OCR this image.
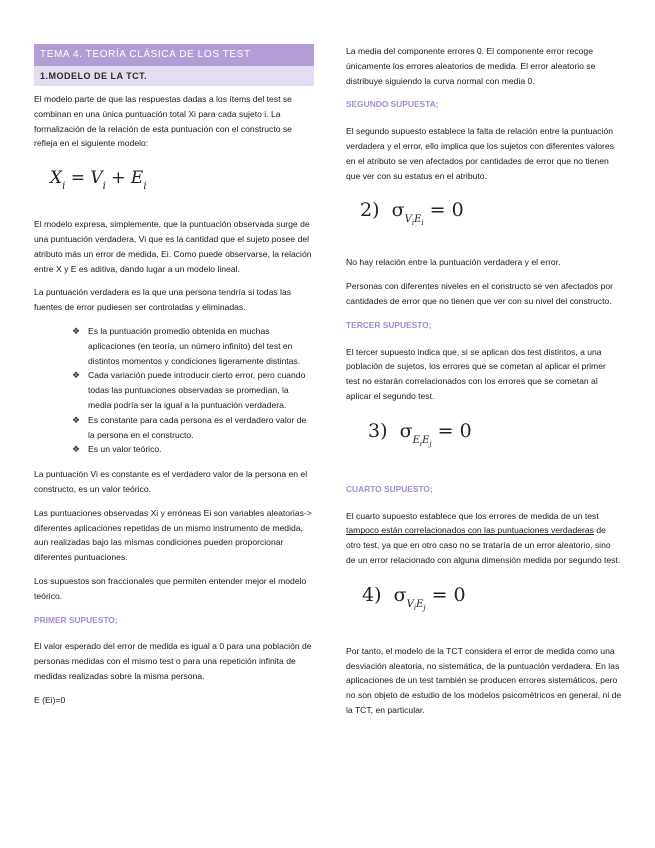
TEMA 4. TEORÍA CLÁSICA DE LOS TEST
1.MODELO DE LA TCT.

El modelo parte de que las respuestas dadas a los ítems del test se combinan en una única puntuación total Xi para cada sujeto i. La formalización de la relación de esta puntuación con el constructo se refleja en el siguiente modelo:

$X_i = V_i + E_i$

El modelo expresa, simplemente, que la puntuación observada surge de una puntuación verdadera, Vi que es la cantidad que el sujeto posee del atributo más un error de medida, Ei. Como puede observarse, la relación entre X y E es aditiva, dando lugar a un modelo lineal.

La puntuación verdadera es la que una persona tendría si todas las fuentes de error pudiesen ser controladas y eliminadas.

❖ Es la puntuación promedio obtenida en muchas aplicaciones (en teoría, un número infinito) del test en distintos momentos y condiciones ligeramente distintas.
❖ Cada variación puede introducir cierto error, pero cuando todas las puntuaciones observadas se promedian, la media podría ser la igual a la puntuación verdadera.
❖ Es constante para cada persona es el verdadero valor de la persona en el constructo.
❖ Es un valor teórico.

La puntuación Vi es constante es el verdadero valor de la persona en el constructo, es un valor teórico.

Las puntuaciones observadas Xi y erróneas Ei son variables aleatorias-> diferentes aplicaciones repetidas de un mismo instrumento de medida, aun realizadas bajo las mismas condiciones pueden proporcionar diferentes puntuaciones.

Los supuestos son fraccionales que permiten entender mejor el modelo teórico.

PRIMER SUPUESTO;

El valor esperado del error de medida es igual a 0 para una población de personas medidas con el mismo test o para una repetición infinita de medidas realizadas sobre la misma persona.

E (Ei)=0

La media del componente errores 0. El componente error recoge únicamente los errores aleatorios de medida. El error aleatorio se distribuye siguiendo la curva normal con media 0.

SEGUNDO SUPUESTA;

El segundo supuesto establece la falta de relación entre la puntuación verdadera y el error, ello implica que los sujetos con diferentes valores en el atributo se ven afectados por cantidades de error que no tienen que ver con su estatus en el atributo.

2) $\sigma_{V_iE_i} = 0$

No hay relación entre la puntuación verdadera y el error.

Personas con diferentes niveles en el constructo se ven afectados por cantidades de error que no tienen que ver con su nivel del constructo.

TERCER SUPUESTO;

El tercer supuesto indica que, si se aplican dos test distintos, a una población de sujetos, los errores que se cometan al aplicar el primer test no estarán correlacionados con los errores que se cometan al aplicar el segundo test.

3) $\sigma_{E_iE_j} = 0$
CUARTO SUPUESTO;

El cuarto supuesto establece que los errores de medida de un test tampoco están correlacionados con las puntuaciones verdaderas de otro test, ya que en otro caso no se trataría de un error aleatorio, sino de un error relacionado con alguna dimensión medida por segundo test.

4) $\sigma_{V_iE_j} = 0$

Por tanto, el modelo de la TCT considera el error de medida como una desviación aleatoria, no sistemática, de la puntuación verdadera. En las aplicaciones de un test también se producen errores sistemáticos, pero no son objeto de estudio de los modelos psicométricos en general, ni de la TCT, en particular.
